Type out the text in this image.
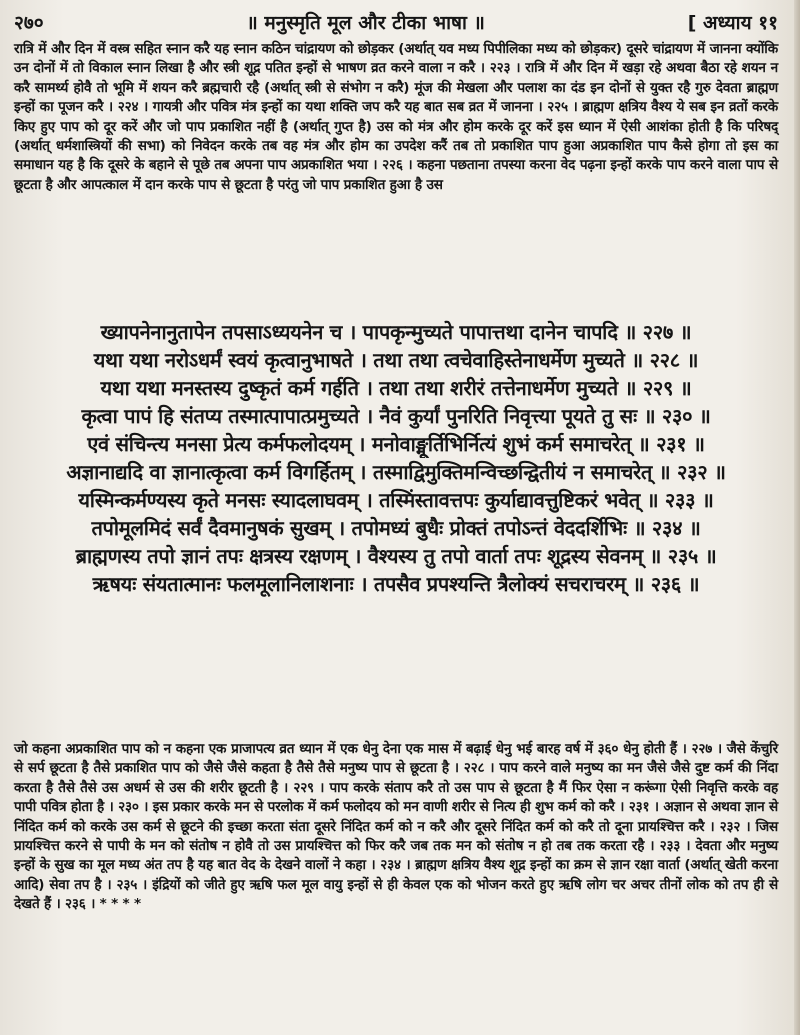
२७०	॥ मनुस्मृति मूल और टीका भाषा ॥	[ अध्याय ११
रात्रि में और दिन में वस्त्र सहित स्नान करै यह स्नान कठिन चांद्रायण को छोड़कर (अर्थात् यव मध्य पिपीलिका मध्य को छोड़कर) दूसरे चांद्रायण में जानना क्योंकि उन दोनों में तो विकाल स्नान लिखा है और स्त्री शूद्र पतित इन्हों से भाषण व्रत करने वाला न करै । २२३ । रात्रि में और दिन में खड़ा रहे अथवा बैठा रहे शयन न करै सामर्थ्य होवै तो भूमि में शयन करै ब्रह्मचारी रहै (अर्थात् स्त्री से संभोग न करै) मूंज की मेखला और पलाश का दंड इन दोनों से युक्त रहै गुरु देवता ब्राह्मण इन्हों का पूजन करै । २२४ । गायत्री और पवित्र मंत्र इन्हों का यथा शक्ति जप करै यह बात सब व्रत में जानना । २२५ । ब्राह्मण क्षत्रिय वैश्य ये सब इन व्रतों करके किए हुए पाप को दूर करें और जो पाप प्रकाशित नहीं है (अर्थात् गुप्त है) उस को मंत्र और होम करके दूर करें इस ध्यान में ऐसी आशंका होती है कि परिषद् (अर्थात् धर्मशास्त्रियों की सभा) को निवेदन करके तब वह मंत्र और होम का उपदेश करैं तब तो प्रकाशित पाप हुआ अप्रकाशित पाप कैसे होगा तो इस का समाधान यह है कि दूसरे के बहाने से पूछे तब अपना पाप अप्रकाशित भया । २२६ । कहना पछताना तपस्या करना वेद पढ़ना इन्हों करके पाप करने वाला पाप से छूटता है और आपत्काल में दान करके पाप से छूटता है परंतु जो पाप प्रकाशित हुआ है उस
ख्यापनेनानुतापेन तपसाऽध्ययनेन च । पापकृन्मुच्यते पापात्तथा दानेन चापदि ॥ २२७ ॥
यथा यथा नरोऽधर्मं स्वयं कृत्वानुभाषते । तथा तथा त्वचेवाहिस्तेनाधर्मेण मुच्यते ॥ २२८ ॥
यथा यथा मनस्तस्य दुष्कृतं कर्म गर्हति । तथा तथा शरीरं तत्तेनाधर्मेण मुच्यते ॥ २२९ ॥
कृत्वा पापं हि संतप्य तस्मात्पापात्प्रमुच्यते । नैवं कुर्यां पुनरिति निवृत्त्या पूयते तु सः ॥ २३० ॥
एवं संचिन्त्य मनसा प्रेत्य कर्मफलोदयम् । मनोवाङ्मूर्तिभिर्नित्यं शुभं कर्म समाचरेत् ॥ २३१ ॥
अज्ञानाद्यदि वा ज्ञानात्कृत्वा कर्म विगर्हितम् । तस्माद्विमुक्तिमन्विच्छन्द्वितीयं न समाचरेत् ॥ २३२ ॥
यस्मिन्कर्मण्यस्य कृते मनसः स्यादलाघवम् । तस्मिंस्तावत्तपः कुर्याद्यावत्तुष्टिकरं भवेत् ॥ २३३ ॥
तपोमूलमिदं सर्वं दैवमानुषकं सुखम् । तपोमध्यं बुधैः प्रोक्तं तपोऽन्तं वेददर्शिभिः ॥ २३४ ॥
ब्राह्मणस्य तपो ज्ञानं तपः क्षत्रस्य रक्षणम् । वैश्यस्य तु तपो वार्ता तपः शूद्रस्य सेवनम् ॥ २३५ ॥
ऋषयः संयतात्मानः फलमूलानिलाशनाः । तपसैव प्रपश्यन्ति त्रैलोक्यं सचराचरम् ॥ २३६ ॥
जो कहना अप्रकाशित पाप को न कहना एक प्राजापत्य व्रत ध्यान में एक धेनु देना एक मास में बढ़ाई धेनु भई बारह वर्ष में ३६० धेनु होती हैं । २२७ । जैसे केंचुरि से सर्प छूटता है तैसे प्रकाशित पाप को जैसे जैसे कहता है तैसे तैसे मनुष्य पाप से छूटता है । २२८ । पाप करने वाले मनुष्य का मन जैसे जैसे दुष्ट कर्म की निंदा करता है तैसे तैसे उस अधर्म से उस की शरीर छूटती है । २२९ । पाप करके संताप करै तो उस पाप से छूटता है मैं फिर ऐसा न करूंगा ऐसी निवृत्ति करके वह पापी पवित्र होता है । २३० । इस प्रकार करके मन से परलोक में कर्म फलोदय को मन वाणी शरीर से नित्य ही शुभ कर्म को करै । २३१ । अज्ञान से अथवा ज्ञान से निंदित कर्म को करके उस कर्म से छूटने की इच्छा करता संता दूसरे निंदित कर्म को न करै और दूसरे निंदित कर्म को करै तो दूना प्रायश्चित्त करै । २३२ । जिस प्रायश्चित्त करने से पापी के मन को संतोष न होवै तो उस प्रायश्चित्त को फिर करै जब तक मन को संतोष न हो तब तक करता रहै । २३३ । देवता और मनुष्य इन्हों के सुख का मूल मध्य अंत तप है यह बात वेद के देखने वालों ने कहा । २३४ । ब्राह्मण क्षत्रिय वैश्य शूद्र इन्हों का क्रम से ज्ञान रक्षा वार्ता (अर्थात् खेती करना आदि) सेवा तप है । २३५ । इंद्रियों को जीते हुए ऋषि फल मूल वायु इन्हों से ही केवल एक को भोजन करते हुए ऋषि लोग चर अचर तीनों लोक को तप ही से देखते हैं । २३६ । * * * *
